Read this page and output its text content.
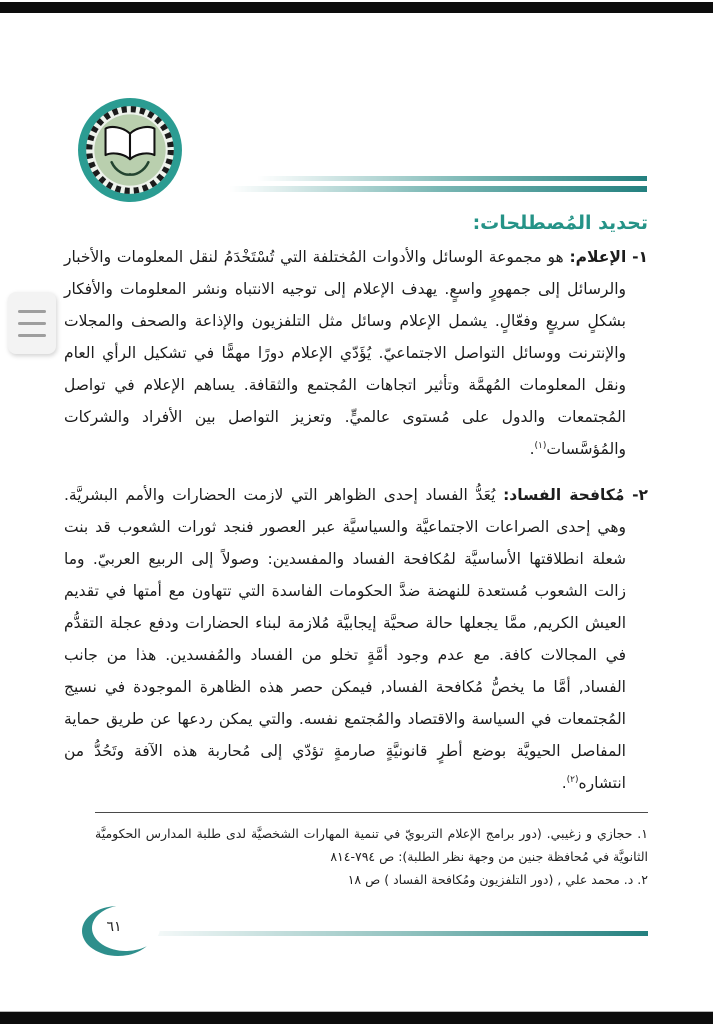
تحديد المُصطلحات:

١- الإعلام: هو مجموعة الوسائل والأدوات المُختلفة التي تُسْتَخْدَمُ لنقل المعلومات والأخبار والرسائل إلى جمهورٍ واسعٍ. يهدف الإعلام إلى توجيه الانتباه ونشر المعلومات والأفكار بشكلٍ سريعٍ وفعّالٍ. يشمل الإعلام وسائل مثل التلفزيون والإذاعة والصحف والمجلات والإنترنت ووسائل التواصل الاجتماعيّ. يُؤَدّي الإعلام دورًا مهمًّا في تشكيل الرأي العام ونقل المعلومات المُهمَّة وتأثير اتجاهات المُجتمع والثقافة. يساهم الإعلام في تواصل المُجتمعات والدول على مُستوى عالميٍّ. وتعزيز التواصل بين الأفراد والشركات والمُؤسَّسات$^{(١)}$.

٢- مُكافحة الفساد: يُعَدُّ الفساد إحدى الظواهر التي لازمت الحضارات والأمم البشريَّة. وهي إحدى الصراعات الاجتماعيَّة والسياسيَّة عبر العصور فنجد ثورات الشعوب قد بنت شعلة انطلاقتها الأساسيَّة لمُكافحة الفساد والمفسدين: وصولاً إلى الربيع العربيّ. وما زالت الشعوب مُستعدة للنهضة ضدَّ الحكومات الفاسدة التي تتهاون مع أمتها في تقديم العيش الكريم, ممَّا يجعلها حالة صحيَّة إيجابيَّة مُلازمة لبناء الحضارات ودفع عجلة التقدُّم في المجالات كافة. مع عدم وجود أمَّةٍ تخلو من الفساد والمُفسدين. هذا من جانب الفساد, أمَّا ما يخصُّ مُكافحة الفساد, فيمكن حصر هذه الظاهرة الموجودة في نسيج المُجتمعات في السياسة والاقتصاد والمُجتمع نفسه. والتي يمكن ردعها عن طريق حماية المفاصل الحيويَّة بوضع أطرٍ قانونيَّةٍ صارمةٍ تؤدّي إلى مُحاربة هذه الآفة وتَحُدُّ من انتشاره$^{(٢)}$.

١. حجازي و زغيبي. (دور برامج الإعلام التربويّ في تنمية المهارات الشخصيَّة لدى طلبة المدارس الحكوميَّة الثانويَّة في مُحافظة جنين من وجهة نظر الطلبة): ص ٧٩٤-٨١٤

٢. د. محمد علي , (دور التلفزيون ومُكافحة الفساد ) ص ١٨

٦١
